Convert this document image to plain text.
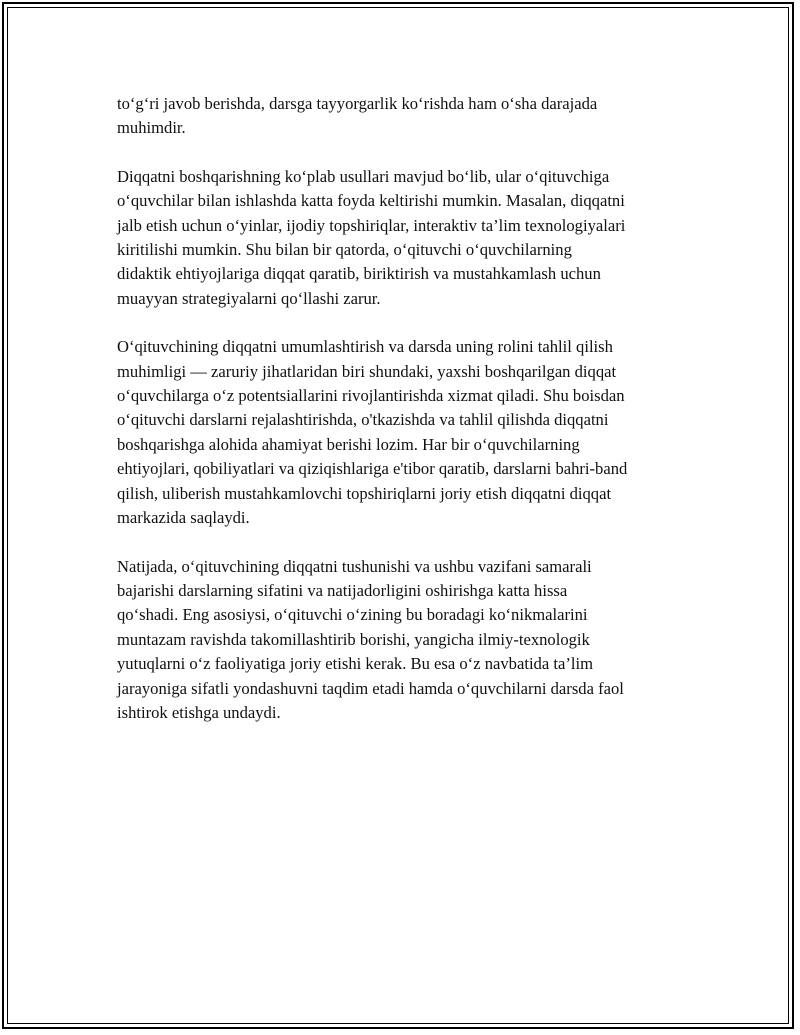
to‘g‘ri javob berishda, darsga tayyorgarlik ko‘rishda ham o‘sha darajada
muhimdir.

Diqqatni boshqarishning ko‘plab usullari mavjud bo‘lib, ular o‘qituvchiga
o‘quvchilar bilan ishlashda katta foyda keltirishi mumkin. Masalan, diqqatni
jalb etish uchun o‘yinlar, ijodiy topshiriqlar, interaktiv ta’lim texnologiyalari
kiritilishi mumkin. Shu bilan bir qatorda, o‘qituvchi o‘quvchilarning
didaktik ehtiyojlariga diqqat qaratib, biriktirish va mustahkamlash uchun
muayyan strategiyalarni qo‘llashi zarur.

O‘qituvchining diqqatni umumlashtirish va darsda uning rolini tahlil qilish
muhimligi — zaruriy jihatlaridan biri shundaki, yaxshi boshqarilgan diqqat
o‘quvchilarga o‘z potentsiallarini rivojlantirishda xizmat qiladi. Shu boisdan
o‘qituvchi darslarni rejalashtirishda, o'tkazishda va tahlil qilishda diqqatni
boshqarishga alohida ahamiyat berishi lozim. Har bir o‘quvchilarning
ehtiyojlari, qobiliyatlari va qiziqishlariga e'tibor qaratib, darslarni bahri-band
qilish, uliberish mustahkamlovchi topshiriqlarni joriy etish diqqatni diqqat
markazida saqlaydi.

Natijada, o‘qituvchining diqqatni tushunishi va ushbu vazifani samarali
bajarishi darslarning sifatini va natijadorligini oshirishga katta hissa
qo‘shadi. Eng asosiysi, o‘qituvchi o‘zining bu boradagi ko‘nikmalarini
muntazam ravishda takomillashtirib borishi, yangicha ilmiy-texnologik
yutuqlarni o‘z faoliyatiga joriy etishi kerak. Bu esa o‘z navbatida ta’lim
jarayoniga sifatli yondashuvni taqdim etadi hamda o‘quvchilarni darsda faol
ishtirok etishga undaydi.
